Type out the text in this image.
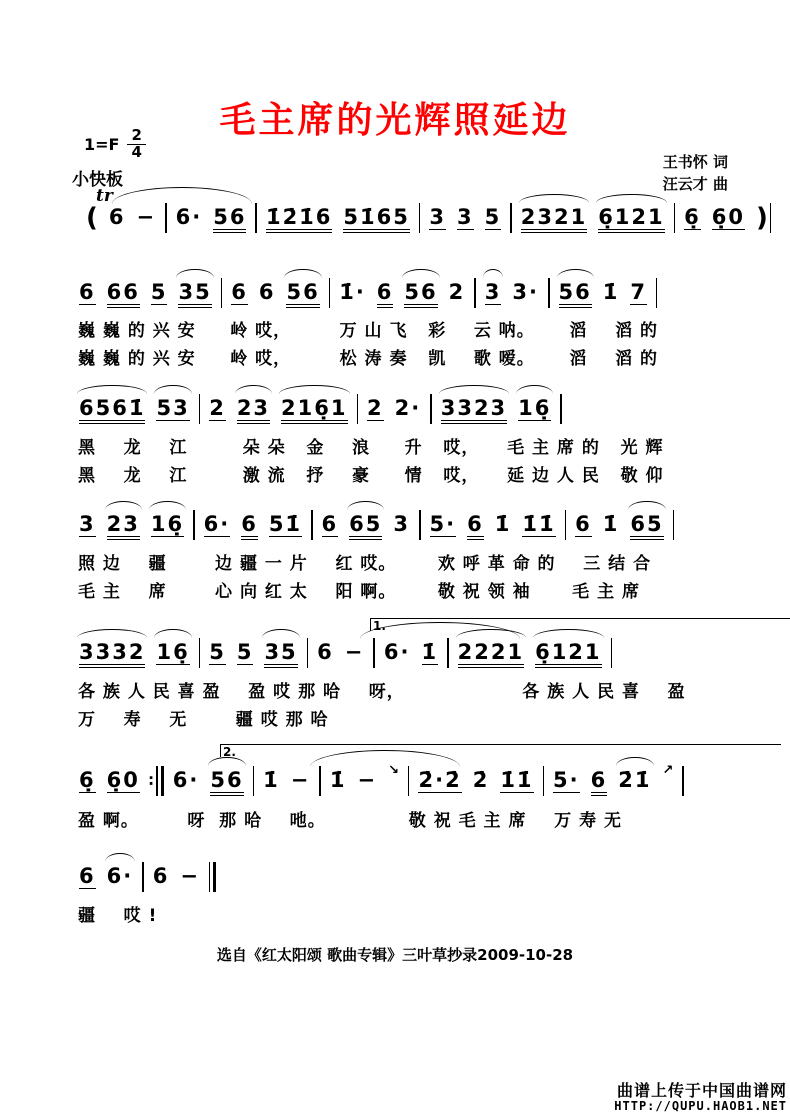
毛主席的光辉照延边
$1=F \frac{2}{4}$
小快板
tr
王书怀 词
汪云才 曲
( 6 − 6· 56 1̇2̇1̇6 51̇65 3 3 5 2321 6̣121 6̣ 6̣0 )
6 66 5 35 6 6 56 1̇· 6 56 2 3 3· 56 1̇ 7
巍 巍 的 兴 安     岭 哎，       万 山 飞   彩    云 呐。     滔    滔 的
巍 巍 的 兴 安     岭 哎，       松 涛 奏   凯    歌 嗳。     滔    滔 的
6561̇ 53 2 23 216̣1 2 2· 3323 16̣
黑    龙    江        朵 朵   金    浪     升   哎，    毛 主 席 的   光 辉
黑    龙    江        激 流   抒    豪     情   哎，    延 边 人 民   敬 仰
3 23 16̣ 6· 6 51̇ 6 65 3 5· 6 1̇ 1̇1̇ 6 1̇ 65
照 边    疆       边 疆 一 片    红 哎。      欢 呼 革 命 的    三 结 合
毛 主    席       心 向 红 太    阳 啊。      敬 祝 领 袖      毛 主 席
3332 16̣ 5 5 35 6 − 6· 1̇ 2221 6̣121
1.
各 族 人 民 喜 盈    盈 哎 那 哈    呀，                 各 族 人 民 喜    盈
万    寿    无       疆 哎 那 哈
6̣ 6̣0 ∶ 6· 56 1̇ − 1̇ − ↘ 2̇·2̇ 2̇ 1̇1̇ 5· 6 2̇1̇ ↗
2.
盈 啊。       呀  那 哈    吔。            敬 祝 毛 主 席    万 寿 无
6 6· 6 −
疆    哎 !
选自《红太阳颂 歌曲专辑》三叶草抄录2009-10-28
曲谱上传于中国曲谱网
HTTP://QUPU.HAOB1.NET
